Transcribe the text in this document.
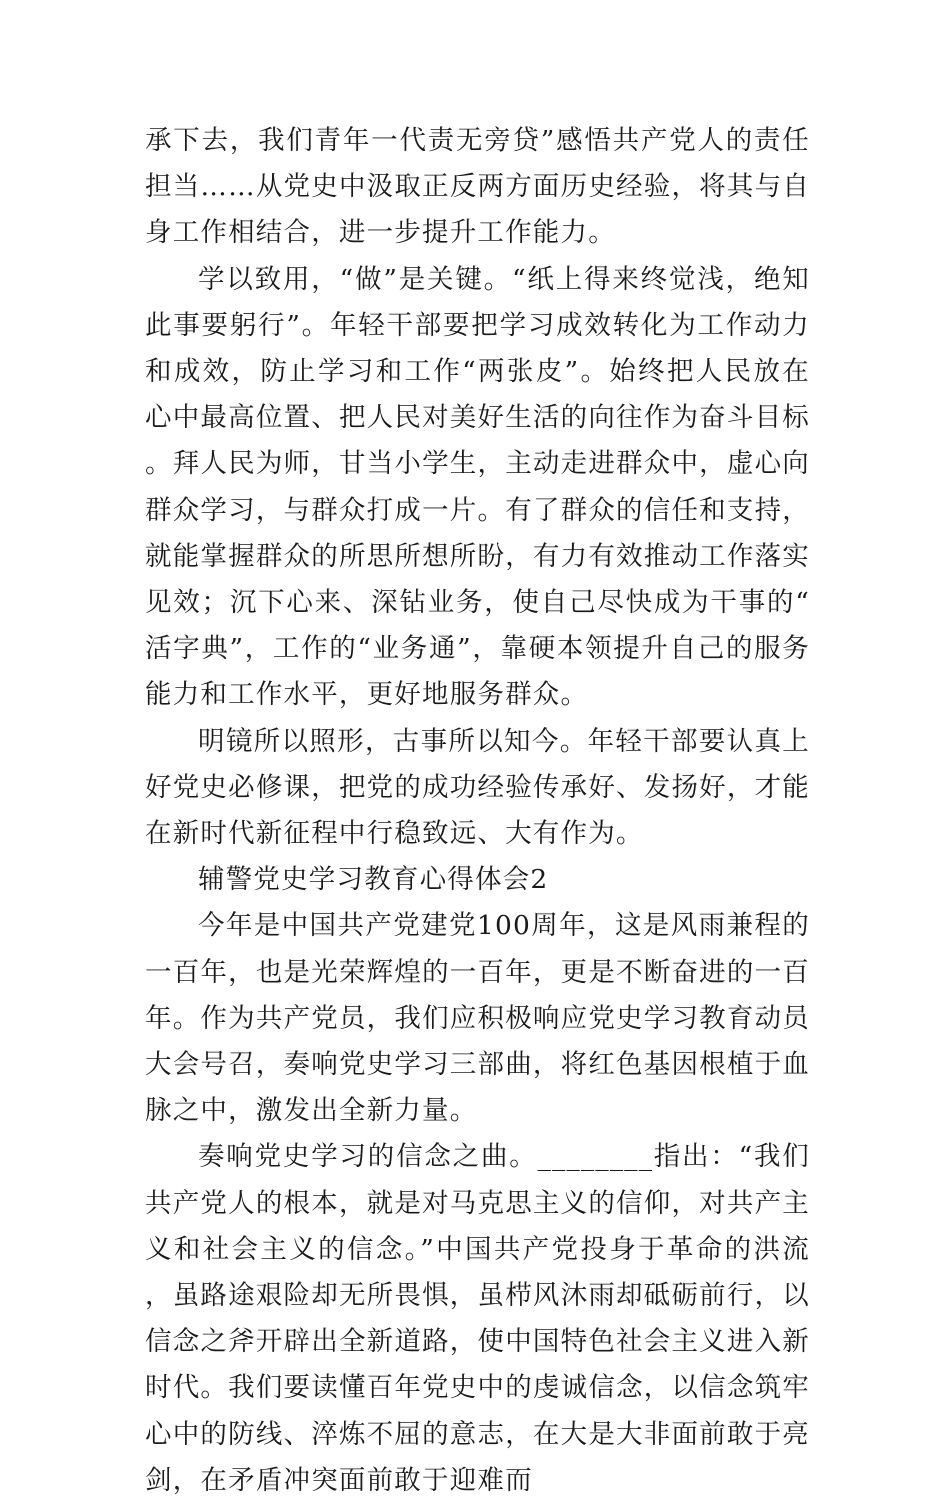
承下去，我们青年一代责无旁贷”感悟共产党人的责任担当……从党史中汲取正反两方面历史经验，将其与自身工作相结合，进一步提升工作能力。

学以致用，“做”是关键。“纸上得来终觉浅，绝知此事要躬行”。年轻干部要把学习成效转化为工作动力和成效，防止学习和工作“两张皮”。始终把人民放在心中最高位置、把人民对美好生活的向往作为奋斗目标。拜人民为师，甘当小学生，主动走进群众中，虚心向群众学习，与群众打成一片。有了群众的信任和支持，就能掌握群众的所思所想所盼，有力有效推动工作落实见效；沉下心来、深钻业务，使自己尽快成为干事的“活字典”，工作的“业务通”，靠硬本领提升自己的服务能力和工作水平，更好地服务群众。

明镜所以照形，古事所以知今。年轻干部要认真上好党史必修课，把党的成功经验传承好、发扬好，才能在新时代新征程中行稳致远、大有作为。

辅警党史学习教育心得体会2

今年是中国共产党建党100周年，这是风雨兼程的一百年，也是光荣辉煌的一百年，更是不断奋进的一百年。作为共产党员，我们应积极响应党史学习教育动员大会号召，奏响党史学习三部曲，将红色基因根植于血脉之中，激发出全新力量。

奏响党史学习的信念之曲。________指出：“我们共产党人的根本，就是对马克思主义的信仰，对共产主义和社会主义的信念。”中国共产党投身于革命的洪流，虽路途艰险却无所畏惧，虽栉风沐雨却砥砺前行，以信念之斧开辟出全新道路，使中国特色社会主义进入新时代。我们要读懂百年党史中的虔诚信念，以信念筑牢心中的防线、淬炼不屈的意志，在大是大非面前敢于亮剑，在矛盾冲突面前敢于迎难而
